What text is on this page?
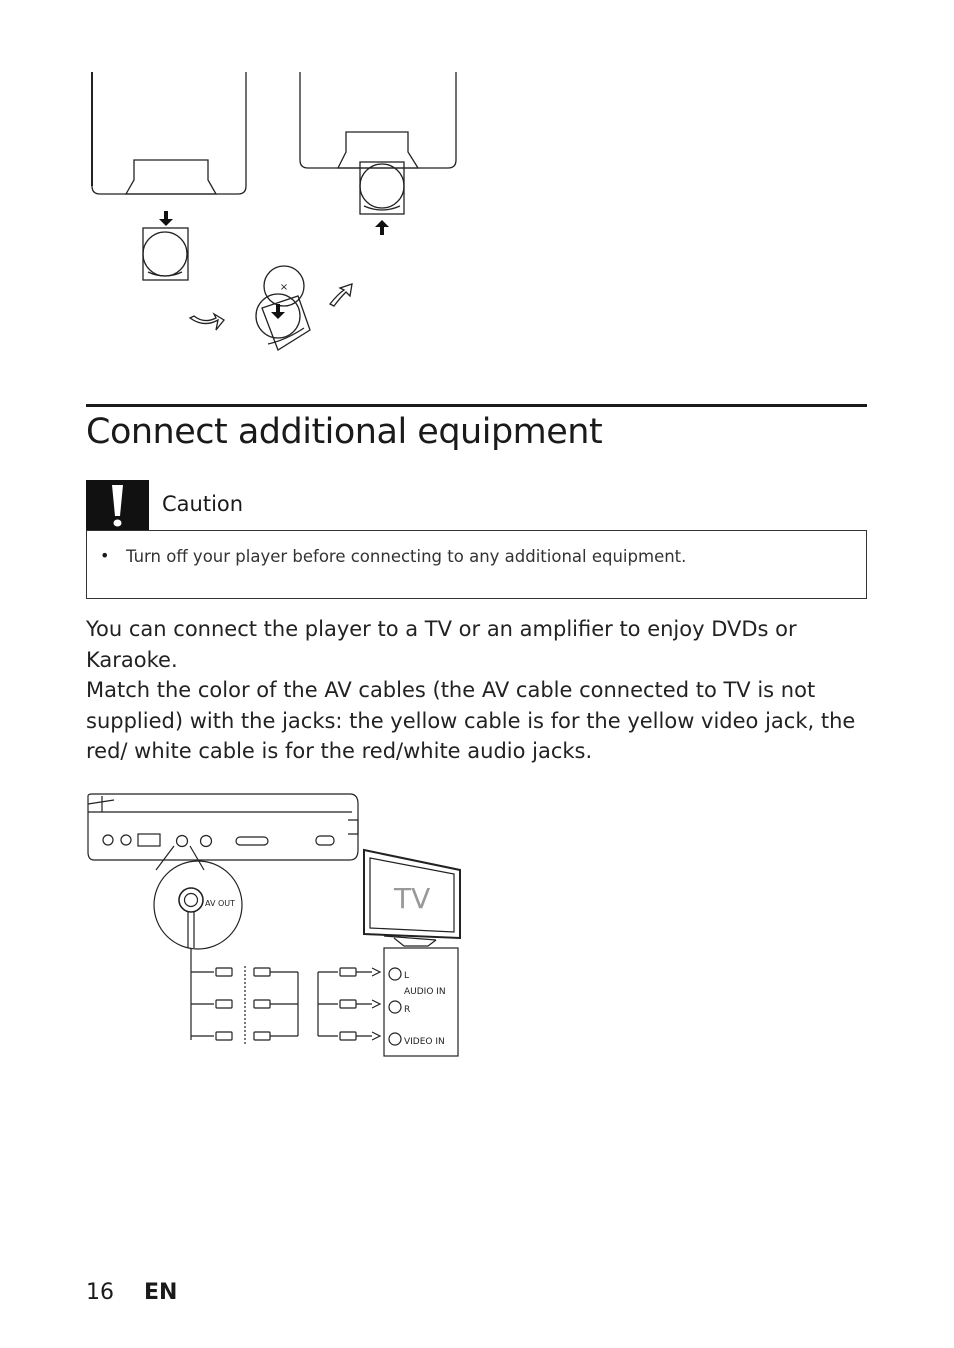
×
Connect additional equipment
Caution
• Turn off your player before connecting to any additional equipment.

You can connect the player to a TV or an amplifier to enjoy DVDs or Karaoke.

Match the color of the AV cables (the AV cable connected to TV is not supplied) with the jacks: the yellow cable is for the yellow video jack, the red/ white cable is for the red/white audio jacks.

AV OUT	TV
L
AUDIO IN
R
VIDEO IN
16 EN
